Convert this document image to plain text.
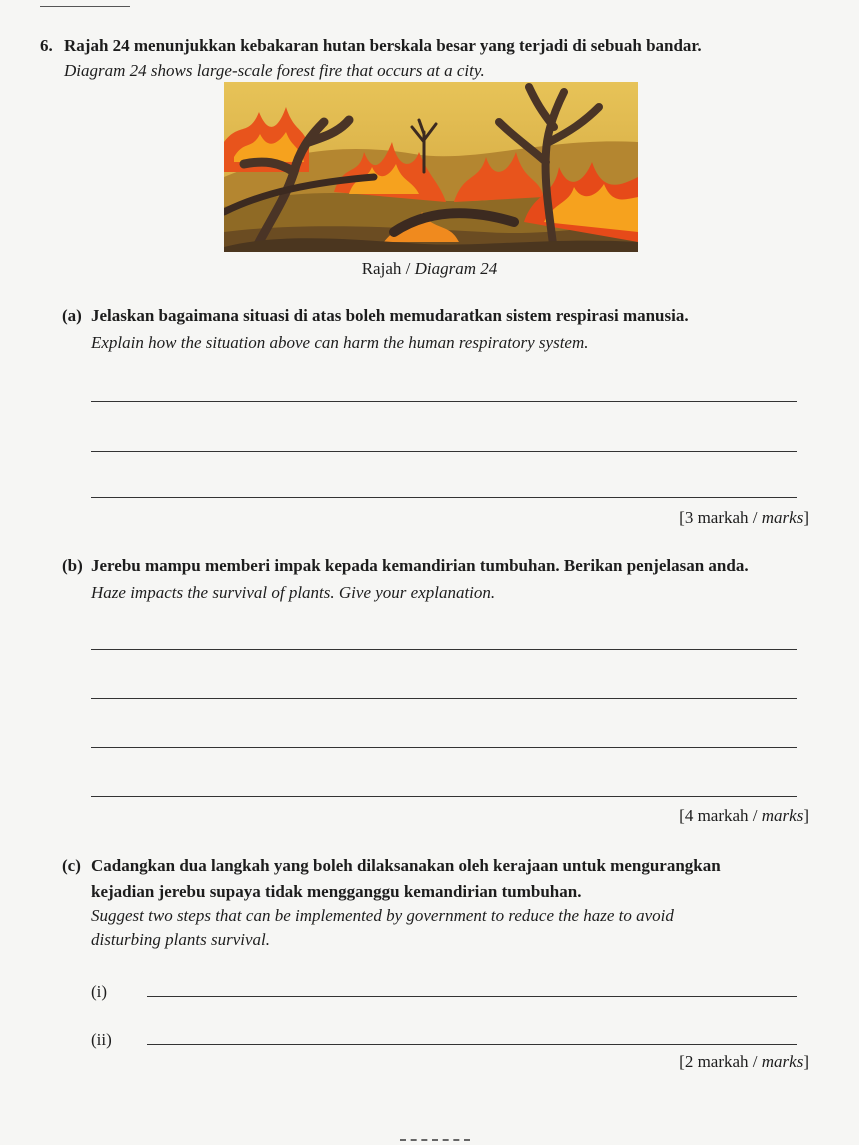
6. Rajah 24 menunjukkan kebakaran hutan berskala besar yang terjadi di sebuah bandar.
Diagram 24 shows large-scale forest fire that occurs at a city.
Rajah / Diagram 24
(a) Jelaskan bagaimana situasi di atas boleh memudaratkan sistem respirasi manusia.
Explain how the situation above can harm the human respiratory system.
[3 markah / marks]
(b) Jerebu mampu memberi impak kepada kemandirian tumbuhan. Berikan penjelasan anda.
Haze impacts the survival of plants. Give your explanation.
[4 markah / marks]
(c) Cadangkan dua langkah yang boleh dilaksanakan oleh kerajaan untuk mengurangkan
kejadian jerebu supaya tidak mengganggu kemandirian tumbuhan.
Suggest two steps that can be implemented by government to reduce the haze to avoid
disturbing plants survival.
(i)
(ii)
[2 markah / marks]
